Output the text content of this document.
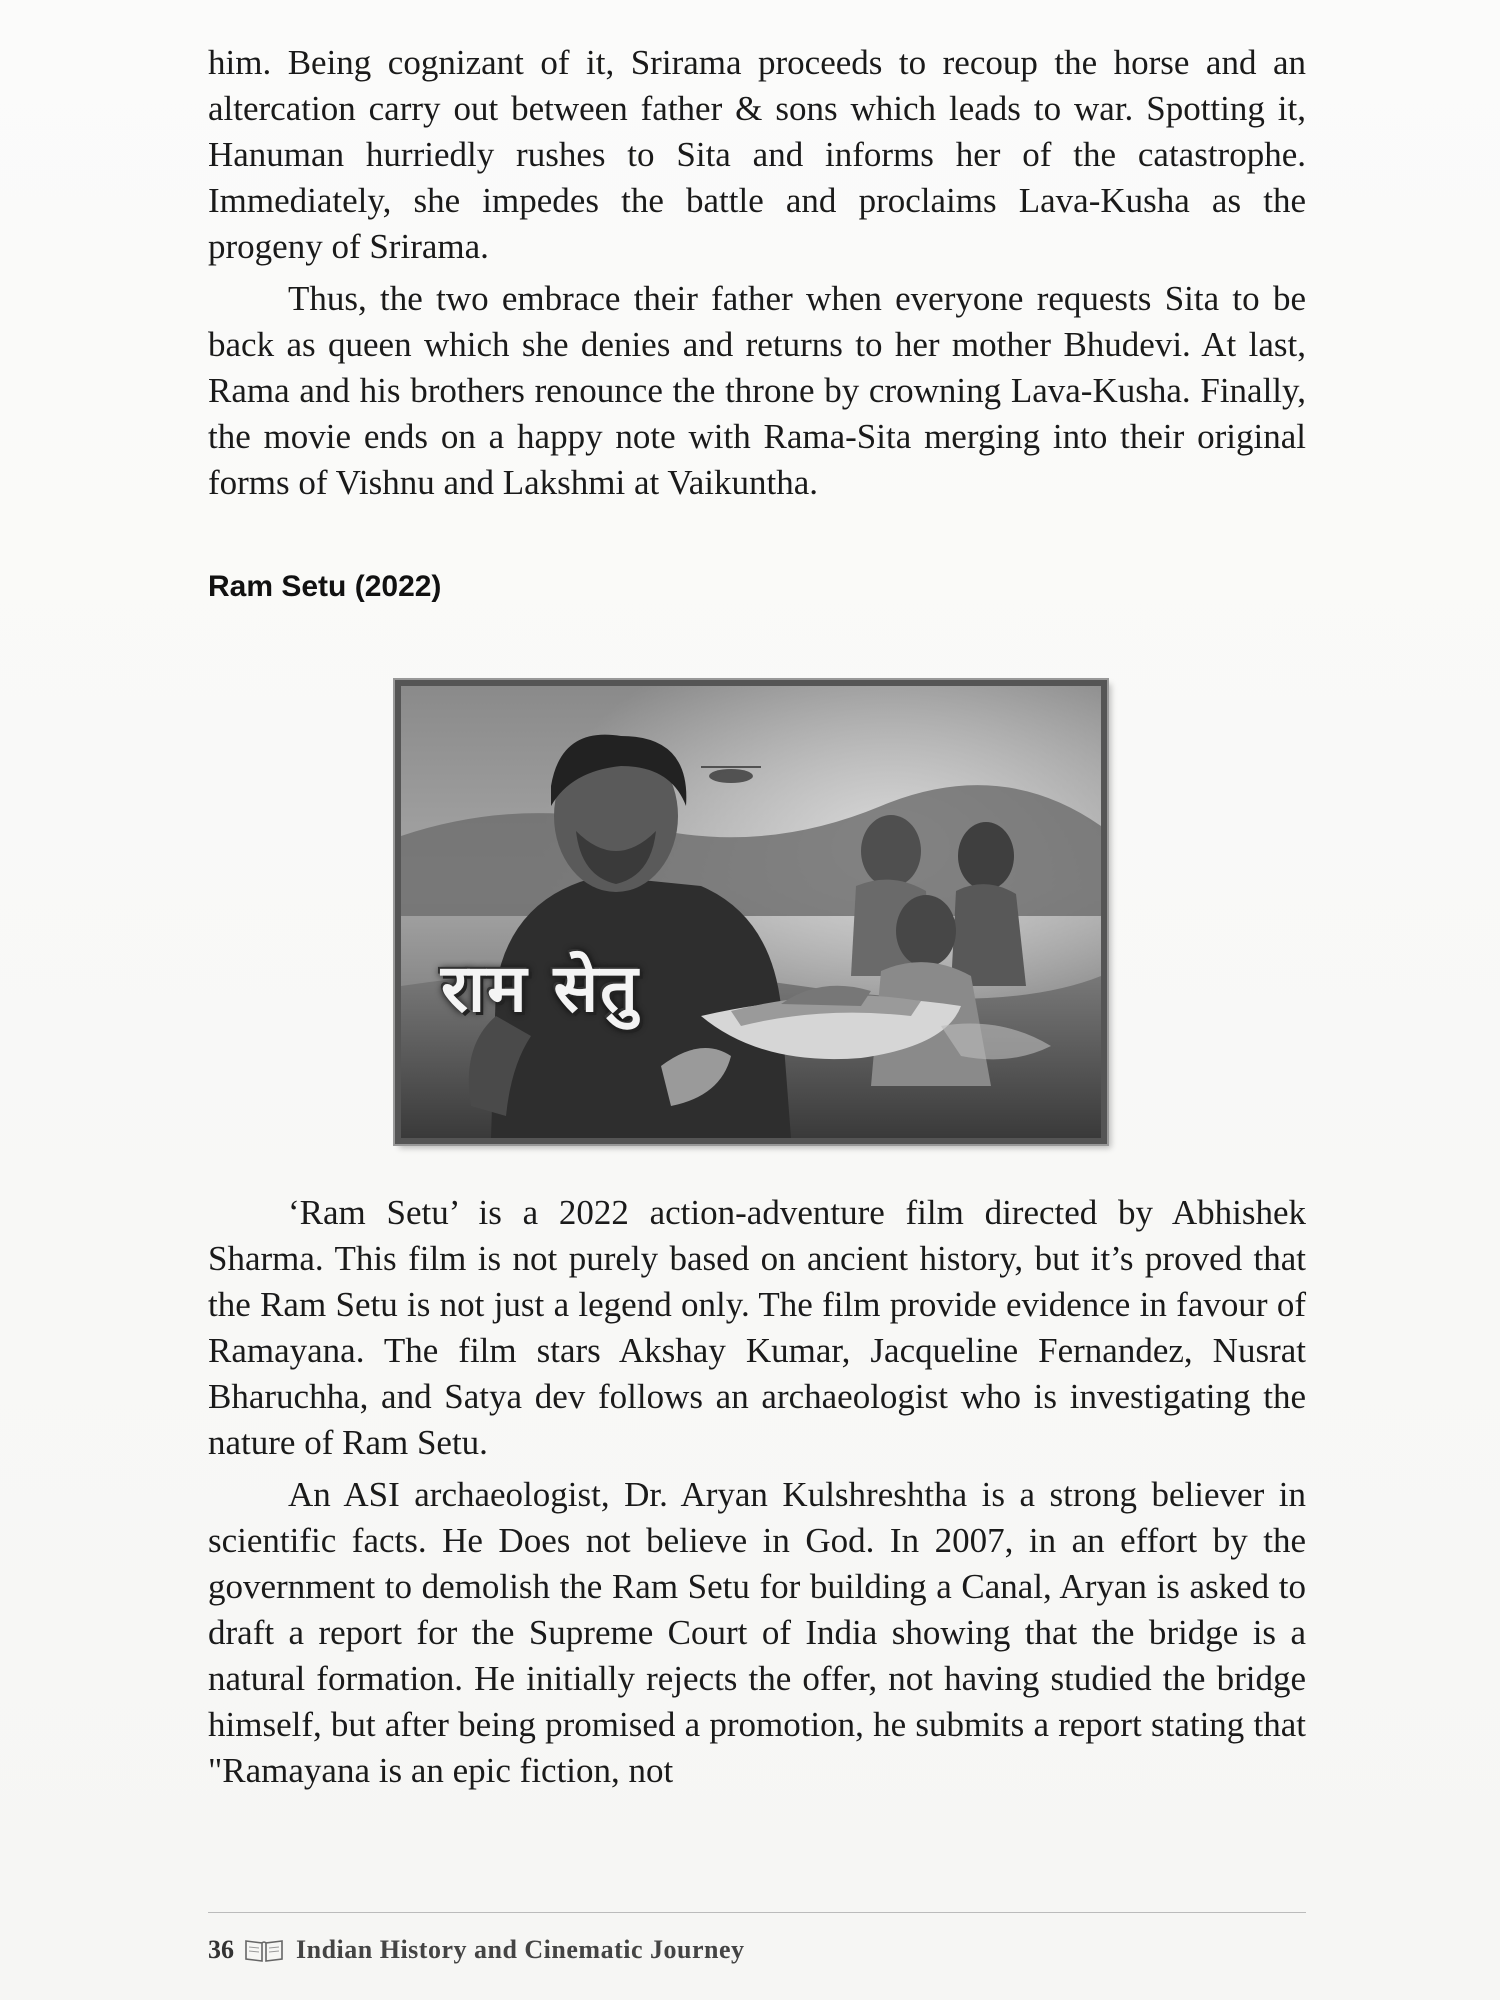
him. Being cognizant of it, Srirama proceeds to recoup the horse and an altercation carry out between father & sons which leads to war. Spotting it, Hanuman hurriedly rushes to Sita and informs her of the catastrophe. Immediately, she impedes the battle and proclaims Lava-Kusha as the progeny of Srirama.

Thus, the two embrace their father when everyone requests Sita to be back as queen which she denies and returns to her mother Bhudevi. At last, Rama and his brothers renounce the throne by crowning Lava-Kusha. Finally, the movie ends on a happy note with Rama-Sita merging into their original forms of Vishnu and Lakshmi at Vaikuntha.

Ram Setu (2022)
राम सेतु

‘Ram Setu’ is a 2022 action-adventure film directed by Abhishek Sharma. This film is not purely based on ancient history, but it’s proved that the Ram Setu is not just a legend only. The film provide evidence in favour of Ramayana. The film stars Akshay Kumar, Jacqueline Fernandez, Nusrat Bharuchha, and Satya dev follows an archaeologist who is investigating the nature of Ram Setu.

An ASI archaeologist, Dr. Aryan Kulshreshtha is a strong believer in scientific facts. He Does not believe in God. In 2007, in an effort by the government to demolish the Ram Setu for building a Canal, Aryan is asked to draft a report for the Supreme Court of India showing that the bridge is a natural formation. He initially rejects the offer, not having studied the bridge himself, but after being promised a promotion, he submits a report stating that "Ramayana is an epic fiction, not

36 Indian History and Cinematic Journey
